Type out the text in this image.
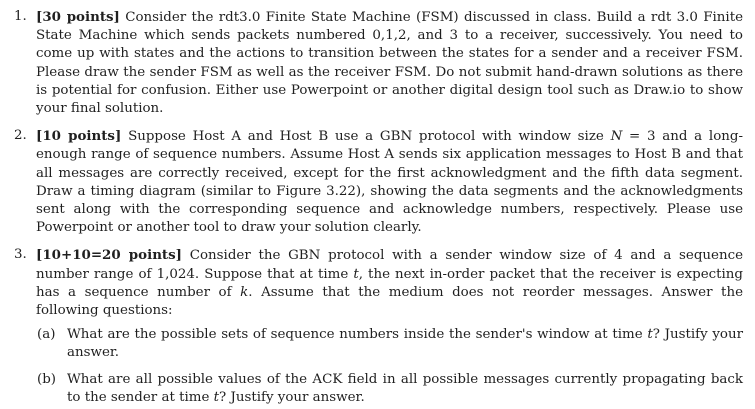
1. [30 points] Consider the rdt3.0 Finite State Machine (FSM) discussed in class. Build a rdt 3.0 Finite State Machine which sends packets numbered 0,1,2, and 3 to a receiver, successively. You need to come up with states and the actions to transition between the states for a sender and a receiver FSM. Please draw the sender FSM as well as the receiver FSM. Do not submit hand-drawn solutions as there is potential for confusion. Either use Powerpoint or another digital design tool such as Draw.io to show your final solution.
2. [10 points] Suppose Host A and Host B use a GBN protocol with window size N = 3 and a long-enough range of sequence numbers. Assume Host A sends six application messages to Host B and that all messages are correctly received, except for the first acknowledgment and the fifth data segment. Draw a timing diagram (similar to Figure 3.22), showing the data segments and the acknowledgments sent along with the corresponding sequence and acknowledge numbers, respectively. Please use Powerpoint or another tool to draw your solution clearly.
3. [10+10=20 points] Consider the GBN protocol with a sender window size of 4 and a sequence number range of 1,024. Suppose that at time t, the next in-order packet that the receiver is expecting has a sequence number of k. Assume that the medium does not reorder messages. Answer the following questions:
(a) What are the possible sets of sequence numbers inside the sender's window at time t? Justify your answer.
(b) What are all possible values of the ACK field in all possible messages currently propagating back to the sender at time t? Justify your answer.
